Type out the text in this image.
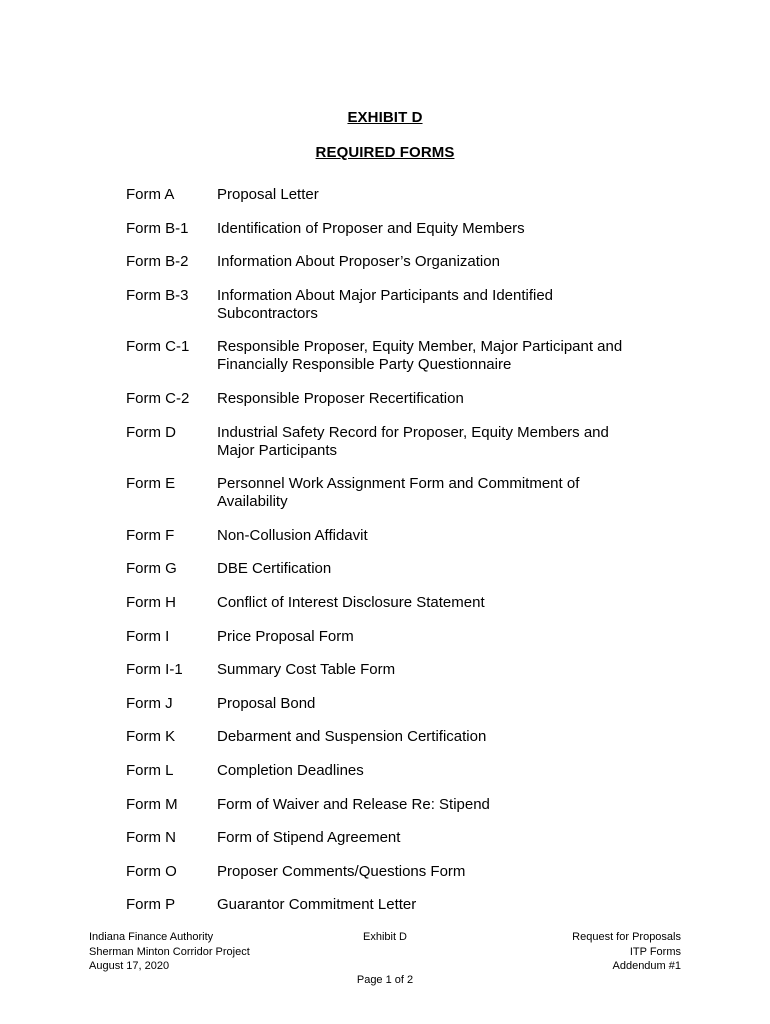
EXHIBIT D
REQUIRED FORMS
Form A	Proposal Letter
Form B-1	Identification of Proposer and Equity Members
Form B-2	Information About Proposer’s Organization
Form B-3	Information About Major Participants and Identified Subcontractors
Form C-1	Responsible Proposer, Equity Member, Major Participant and Financially Responsible Party Questionnaire
Form C-2	Responsible Proposer Recertification
Form D	Industrial Safety Record for Proposer, Equity Members and Major Participants
Form E	Personnel Work Assignment Form and Commitment of Availability
Form F	Non-Collusion Affidavit
Form G	DBE Certification
Form H	Conflict of Interest Disclosure Statement
Form I	Price Proposal Form
Form I-1	Summary Cost Table Form
Form J	Proposal Bond
Form K	Debarment and Suspension Certification
Form L	Completion Deadlines
Form M	Form of Waiver and Release Re: Stipend
Form N	Form of Stipend Agreement
Form O	Proposer Comments/Questions Form
Form P	Guarantor Commitment Letter
Indiana Finance Authority
Sherman Minton Corridor Project
August 17, 2020
Exhibit D	Request for Proposals
ITP Forms
Addendum #1
Page 1 of 2
